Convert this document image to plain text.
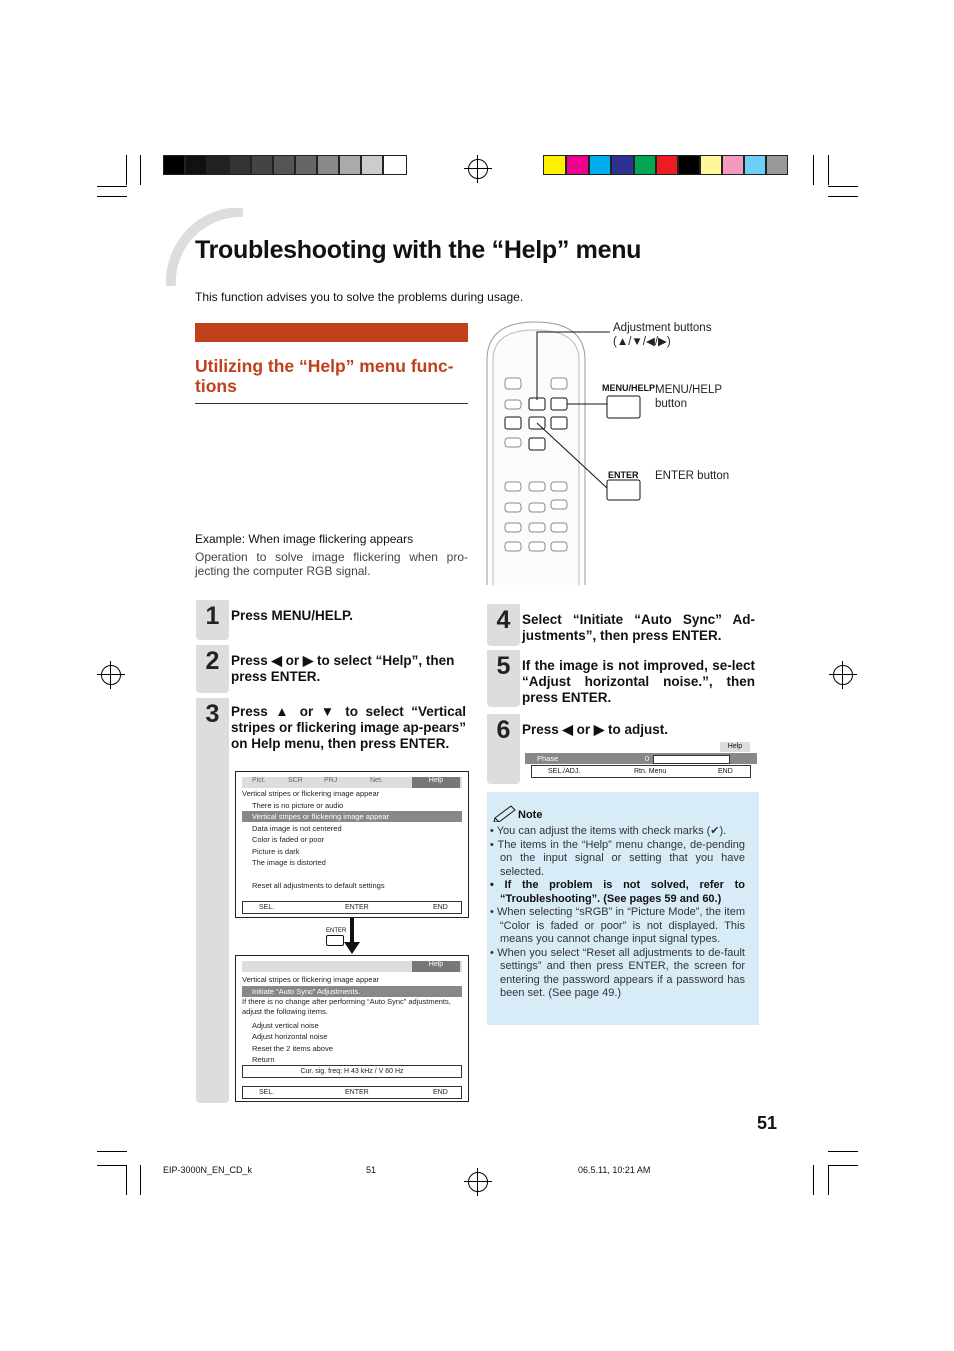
Troubleshooting with the “Help” menu
This function advises you to solve the problems during usage.
Utilizing the “Help” menu func-tions
Example: When image flickering appears
Operation to solve image flickering when pro-jecting the computer RGB signal.
Adjustment buttons (▲/▼/◀/▶)
MENU/HELP MENU/HELP button
ENTER ENTER button
1 Press MENU/HELP.
2 Press ◀ or ▶ to select “Help”, then press ENTER.
3 Press ▲ or ▼ to select “Vertical stripes or flickering image ap-pears” on Help menu, then press ENTER.
Pict.	SCR	PRJ	Net.	Help
Vertical stripes or flickering image appear
There is no picture or audio
Vertical stripes or flickering image appear
Data image is not centered
Color is faded or poor
Picture is dark
The image is distorted
Reset all adjustments to default settings
SEL.	ENTER	END
ENTER
Help
Vertical stripes or flickering image appear
Initiate “Auto Sync” Adjustments.
If there is no change after performing “Auto Sync” adjustments, adjust the following items.
Adjust vertical noise
Adjust horizontal noise
Reset the 2 items above
Return
Cur. sig. freq: H 43 kHz / V 60 Hz
SEL.	ENTER	END
4 Select “Initiate “Auto Sync” Ad-justments”, then press ENTER.
5 If the image is not improved, se-lect “Adjust horizontal noise.”, then press ENTER.
6 Press ◀ or ▶ to adjust.
Help
Phase	0
SEL./ADJ.	Rtn. Menu	END
Note
• You can adjust the items with check marks (✔).
• The items in the “Help” menu change, de-pending on the input signal or setting that you have selected.
• If the problem is not solved, refer to “Troubleshooting”. (See pages 59 and 60.)
• When selecting “sRGB” in “Picture Mode”, the item “Color is faded or poor” is not displayed. This means you cannot change input signal types.
• When you select “Reset all adjustments to de-fault settings” and then press ENTER, the screen for entering the password appears if a password has been set. (See page 49.)
51
EIP-3000N_EN_CD_k	51	06.5.11, 10:21 AM
